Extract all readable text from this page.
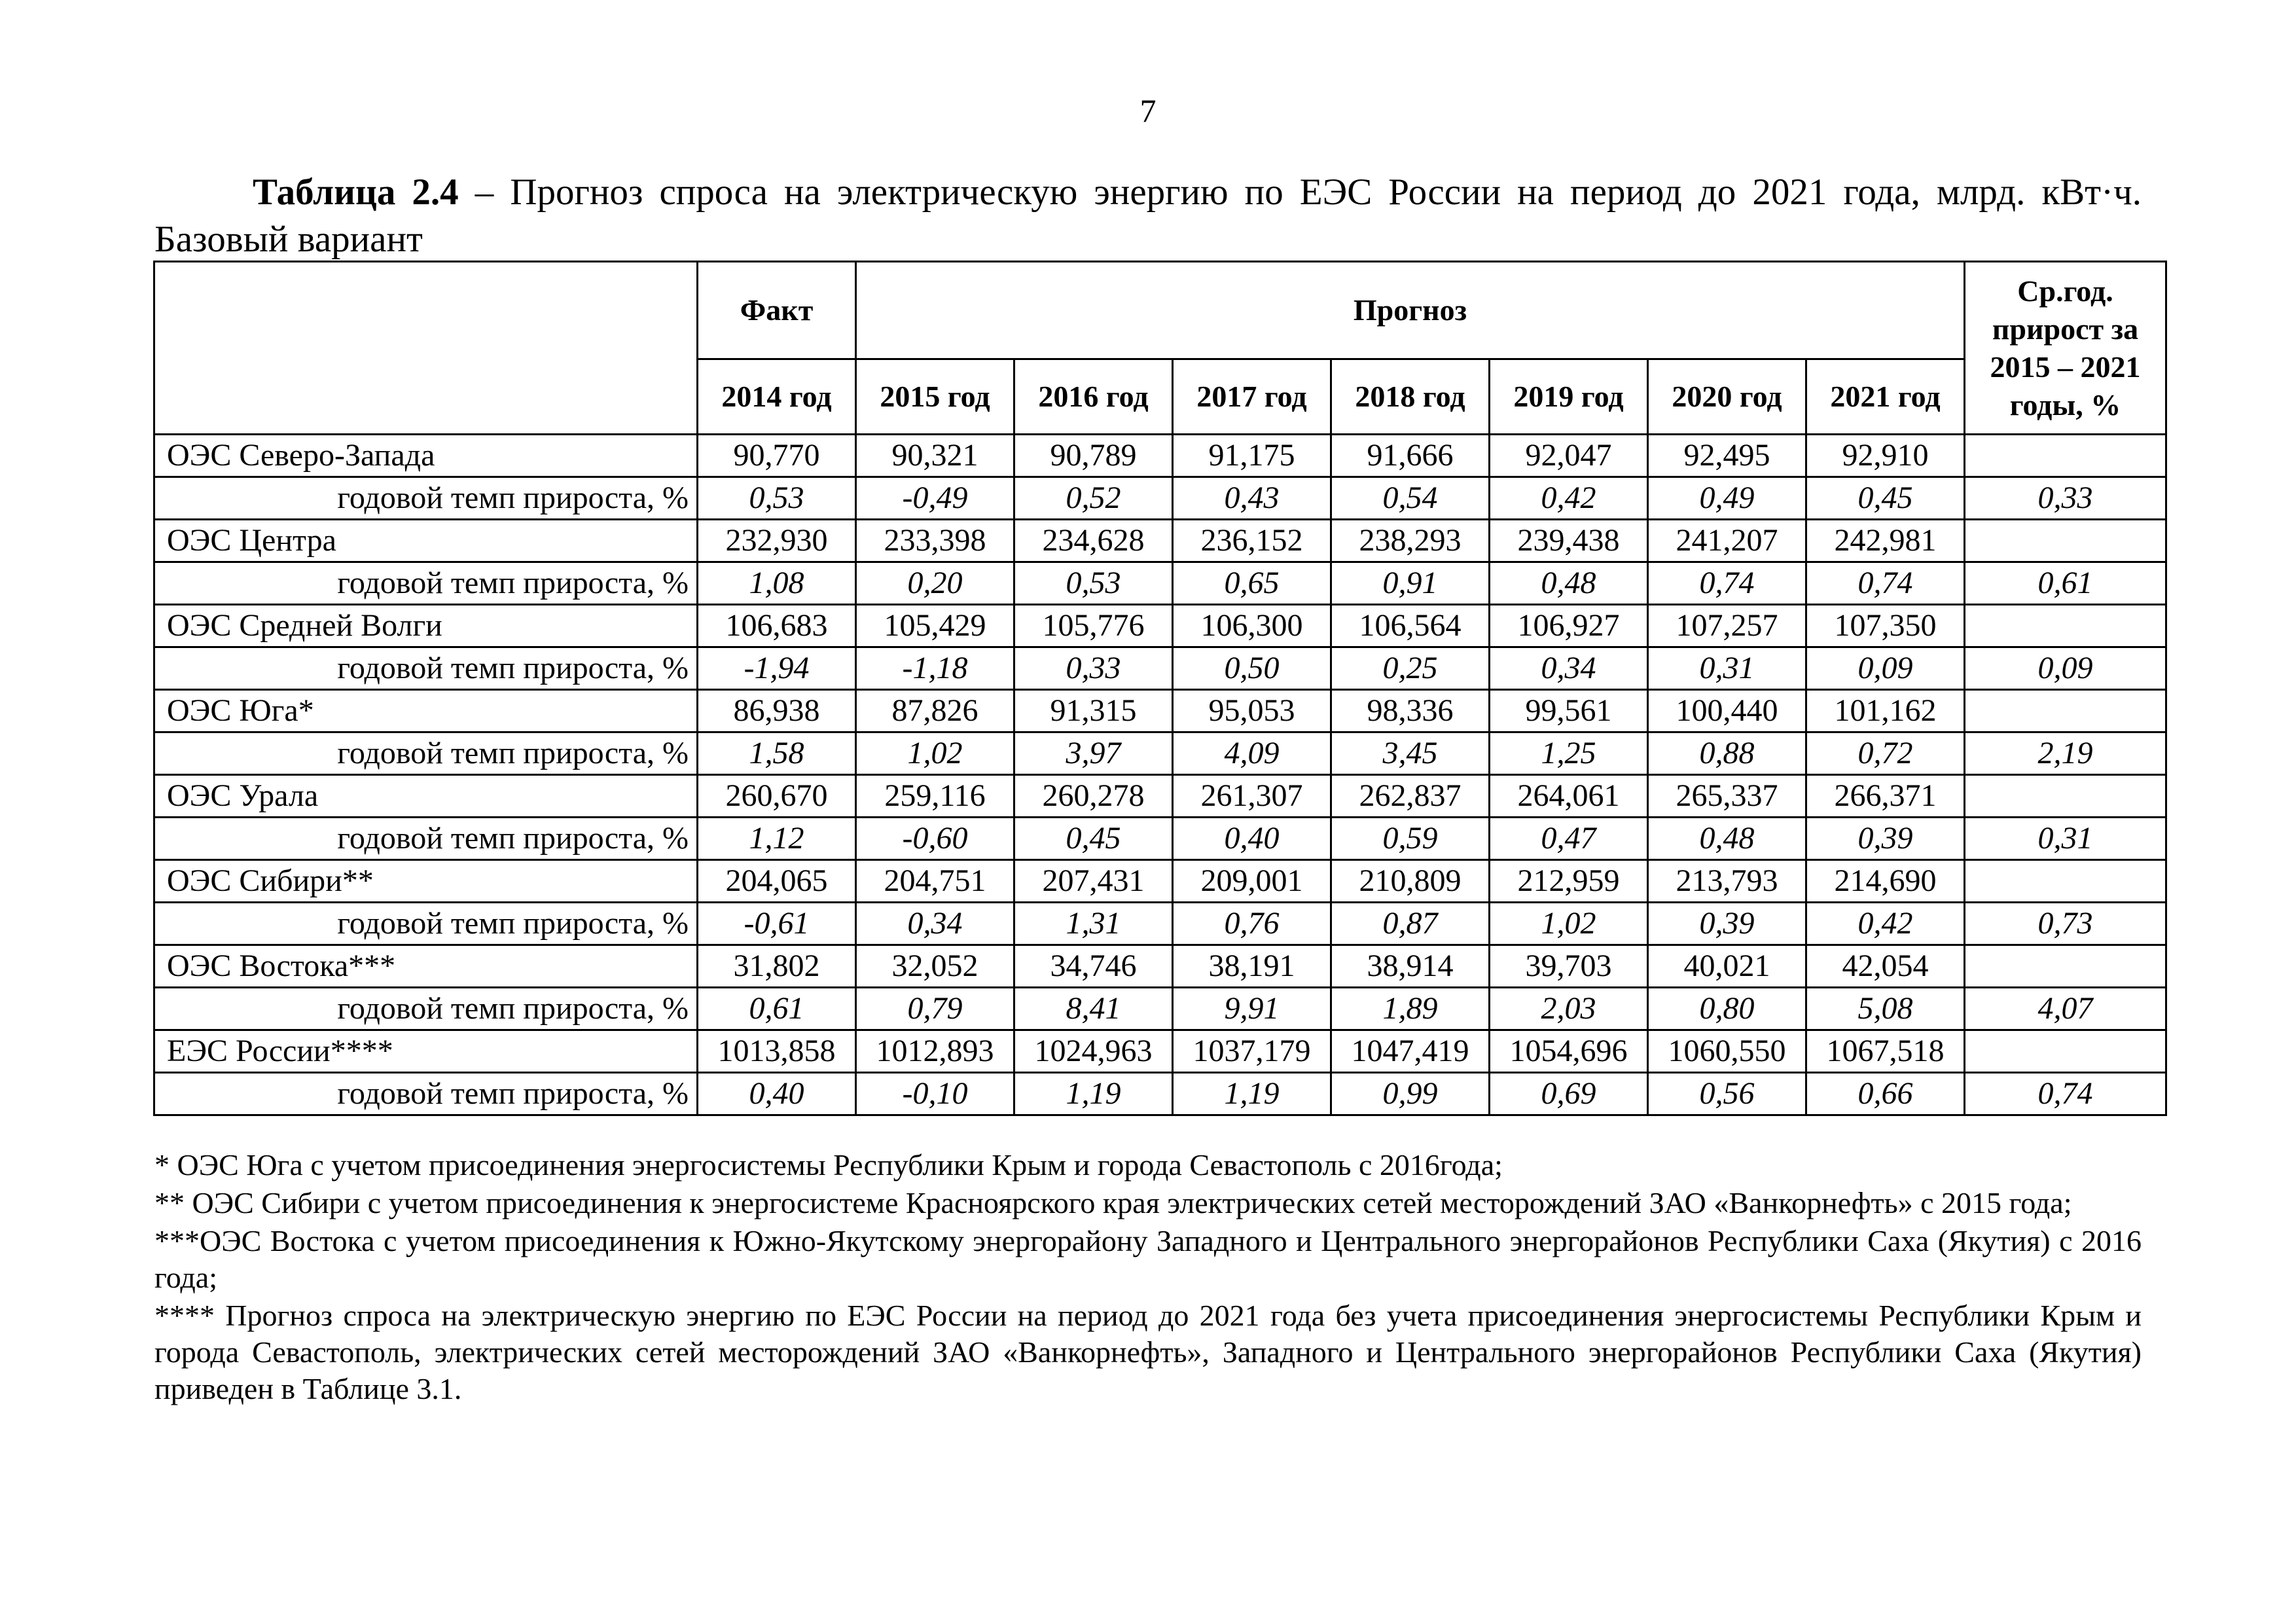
7
Таблица 2.4 – Прогноз спроса на электрическую энергию по ЕЭС России на период до 2021 года, млрд. кВт·ч. Базовый вариант
	Факт	Прогноз							Ср.год. прирост за 2015 – 2021 годы, %
	2014 год	2015 год	2016 год	2017 год	2018 год	2019 год	2020 год	2021 год	
ОЭС Северо-Запада	90,770	90,321	90,789	91,175	91,666	92,047	92,495	92,910	
годовой темп прироста, %	0,53	-0,49	0,52	0,43	0,54	0,42	0,49	0,45	0,33
ОЭС Центра	232,930	233,398	234,628	236,152	238,293	239,438	241,207	242,981	
годовой темп прироста, %	1,08	0,20	0,53	0,65	0,91	0,48	0,74	0,74	0,61
ОЭС Средней Волги	106,683	105,429	105,776	106,300	106,564	106,927	107,257	107,350	
годовой темп прироста, %	-1,94	-1,18	0,33	0,50	0,25	0,34	0,31	0,09	0,09
ОЭС Юга*	86,938	87,826	91,315	95,053	98,336	99,561	100,440	101,162	
годовой темп прироста, %	1,58	1,02	3,97	4,09	3,45	1,25	0,88	0,72	2,19
ОЭС Урала	260,670	259,116	260,278	261,307	262,837	264,061	265,337	266,371	
годовой темп прироста, %	1,12	-0,60	0,45	0,40	0,59	0,47	0,48	0,39	0,31
ОЭС Сибири**	204,065	204,751	207,431	209,001	210,809	212,959	213,793	214,690	
годовой темп прироста, %	-0,61	0,34	1,31	0,76	0,87	1,02	0,39	0,42	0,73
ОЭС Востока***	31,802	32,052	34,746	38,191	38,914	39,703	40,021	42,054	
годовой темп прироста, %	0,61	0,79	8,41	9,91	1,89	2,03	0,80	5,08	4,07
ЕЭС России****	1013,858	1012,893	1024,963	1037,179	1047,419	1054,696	1060,550	1067,518	
годовой темп прироста, %	0,40	-0,10	1,19	1,19	0,99	0,69	0,56	0,66	0,74

* ОЭС Юга с учетом присоединения энергосистемы Республики Крым и города Севастополь с 2016года;

** ОЭС Сибири с учетом присоединения к энергосистеме Красноярского края электрических сетей месторождений ЗАО «Ванкорнефть» с 2015 года;

***ОЭС Востока с учетом присоединения к Южно-Якутскому энергорайону Западного и Центрального энергорайонов Республики Саха (Якутия) с 2016 года;

**** Прогноз спроса на электрическую энергию по ЕЭС России на период до 2021 года без учета присоединения энергосистемы Республики Крым и города Севастополь, электрических сетей месторождений ЗАО «Ванкорнефть», Западного и Центрального энергорайонов Республики Саха (Якутия) приведен в Таблице 3.1.
